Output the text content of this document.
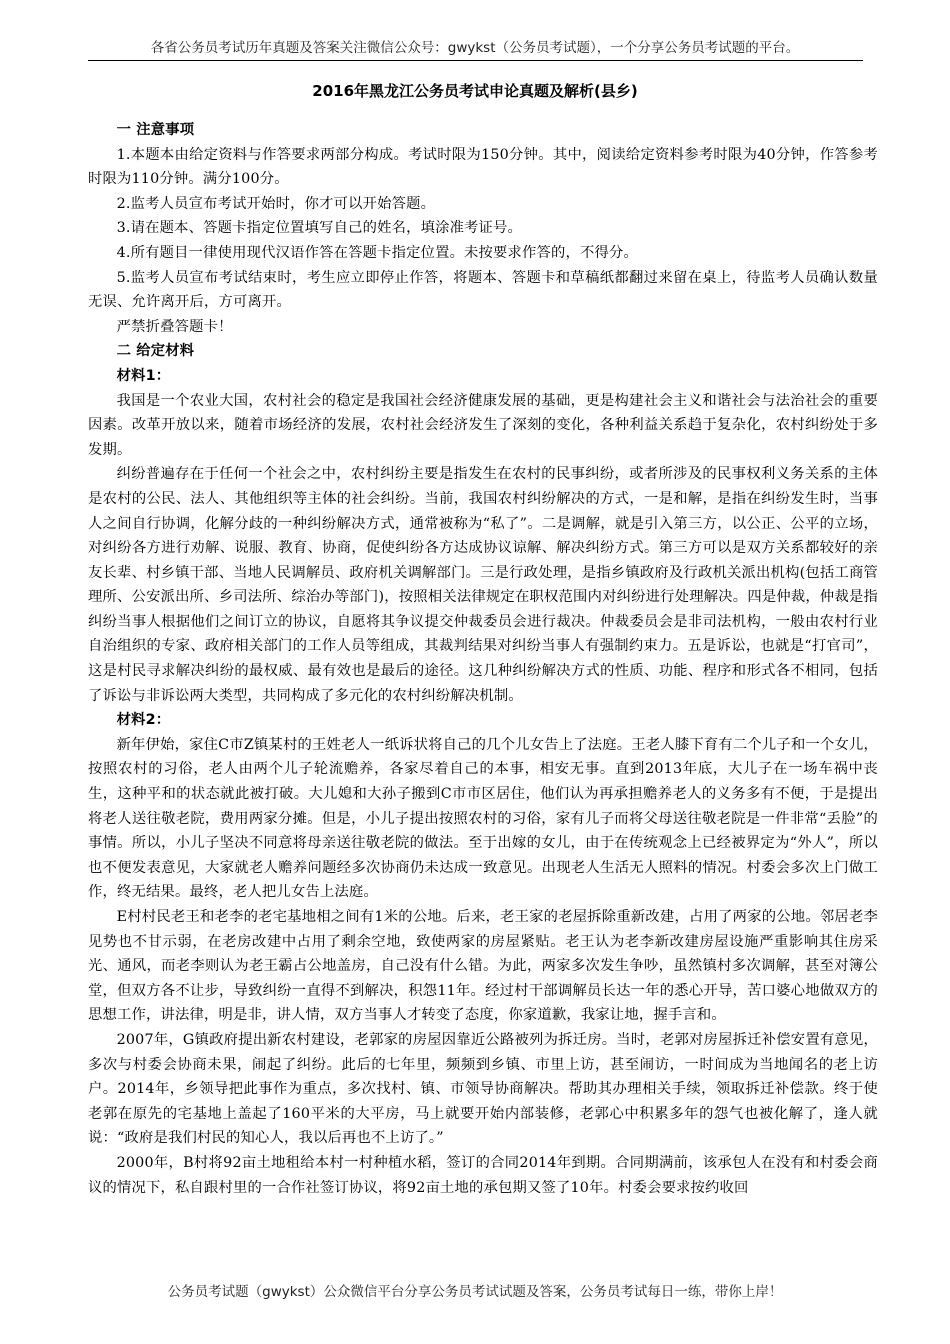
各省公务员考试历年真题及答案关注微信公众号：gwykst（公务员考试题），一个分享公务员考试题的平台。
2016年黑龙江公务员考试申论真题及解析(县乡)
一 注意事项

1.本题本由给定资料与作答要求两部分构成。考试时限为150分钟。其中，阅读给定资料参考时限为40分钟，作答参考时限为110分钟。满分100分。

2.监考人员宣布考试开始时，你才可以开始答题。

3.请在题本、答题卡指定位置填写自己的姓名，填涂准考证号。

4.所有题目一律使用现代汉语作答在答题卡指定位置。未按要求作答的，不得分。

5.监考人员宣布考试结束时，考生应立即停止作答，将题本、答题卡和草稿纸都翻过来留在桌上，待监考人员确认数量无误、允许离开后，方可离开。

严禁折叠答题卡！

二 给定材料
材料1：

我国是一个农业大国，农村社会的稳定是我国社会经济健康发展的基础，更是构建社会主义和谐社会与法治社会的重要因素。改革开放以来，随着市场经济的发展，农村社会经济发生了深刻的变化，各种利益关系趋于复杂化，农村纠纷处于多发期。

纠纷普遍存在于任何一个社会之中，农村纠纷主要是指发生在农村的民事纠纷，或者所涉及的民事权利义务关系的主体是农村的公民、法人、其他组织等主体的社会纠纷。当前，我国农村纠纷解决的方式，一是和解，是指在纠纷发生时，当事人之间自行协调，化解分歧的一种纠纷解决方式，通常被称为“私了”。二是调解，就是引入第三方，以公正、公平的立场，对纠纷各方进行劝解、说服、教育、协商，促使纠纷各方达成协议谅解、解决纠纷方式。第三方可以是双方关系都较好的亲友长辈、村乡镇干部、当地人民调解员、政府机关调解部门。三是行政处理，是指乡镇政府及行政机关派出机构(包括工商管理所、公安派出所、乡司法所、综治办等部门)，按照相关法律规定在职权范围内对纠纷进行处理解决。四是仲裁，仲裁是指纠纷当事人根据他们之间订立的协议，自愿将其争议提交仲裁委员会进行裁决。仲裁委员会是非司法机构，一般由农村行业自治组织的专家、政府相关部门的工作人员等组成，其裁判结果对纠纷当事人有强制约束力。五是诉讼，也就是“打官司”，这是村民寻求解决纠纷的最权威、最有效也是最后的途径。这几种纠纷解决方式的性质、功能、程序和形式各不相同，包括了诉讼与非诉讼两大类型，共同构成了多元化的农村纠纷解决机制。

材料2：

新年伊始，家住C市Z镇某村的王姓老人一纸诉状将自己的几个儿女告上了法庭。王老人膝下育有二个儿子和一个女儿，按照农村的习俗，老人由两个儿子轮流赡养，各家尽着自己的本事，相安无事。直到2013年底，大儿子在一场车祸中丧生，这种平和的状态就此被打破。大儿媳和大孙子搬到C市市区居住，他们认为再承担赡养老人的义务多有不便，于是提出将老人送往敬老院，费用两家分摊。但是，小儿子提出按照农村的习俗，家有儿子而将父母送往敬老院是一件非常“丢脸”的事情。所以，小儿子坚决不同意将母亲送往敬老院的做法。至于出嫁的女儿，由于在传统观念上已经被界定为“外人”，所以也不便发表意见，大家就老人赡养问题经多次协商仍未达成一致意见。出现老人生活无人照料的情况。村委会多次上门做工作，终无结果。最终，老人把儿女告上法庭。

E村村民老王和老李的老宅基地相之间有1米的公地。后来，老王家的老屋拆除重新改建，占用了两家的公地。邻居老李见势也不甘示弱，在老房改建中占用了剩余空地，致使两家的房屋紧贴。老王认为老李新改建房屋设施严重影响其住房采光、通风，而老李则认为老王霸占公地盖房，自己没有什么错。为此，两家多次发生争吵，虽然镇村多次调解，甚至对簿公堂，但双方各不让步，导致纠纷一直得不到解决，积怨11年。经过村干部调解员长达一年的悉心开导，苦口婆心地做双方的思想工作，讲法律，明是非，讲人情，双方当事人才转变了态度，你家道歉，我家让地，握手言和。

2007年，G镇政府提出新农村建设，老郭家的房屋因靠近公路被列为拆迁房。当时，老郭对房屋拆迁补偿安置有意见，多次与村委会协商未果，闹起了纠纷。此后的七年里，频频到乡镇、市里上访，甚至闹访，一时间成为当地闻名的老上访户。2014年，乡领导把此事作为重点，多次找村、镇、市领导协商解决。帮助其办理相关手续，领取拆迁补偿款。终于使老郭在原先的宅基地上盖起了160平米的大平房，马上就要开始内部装修，老郭心中积累多年的怨气也被化解了，逢人就说：“政府是我们村民的知心人，我以后再也不上访了。”

2000年，B村将92亩土地租给本村一村种植水稻，签订的合同2014年到期。合同期满前，该承包人在没有和村委会商议的情况下，私自跟村里的一合作社签订协议，将92亩土地的承包期又签了10年。村委会要求按约收回

公务员考试题（gwykst）公众微信平台分享公务员考试试题及答案，公务员考试每日一练，带你上岸！
